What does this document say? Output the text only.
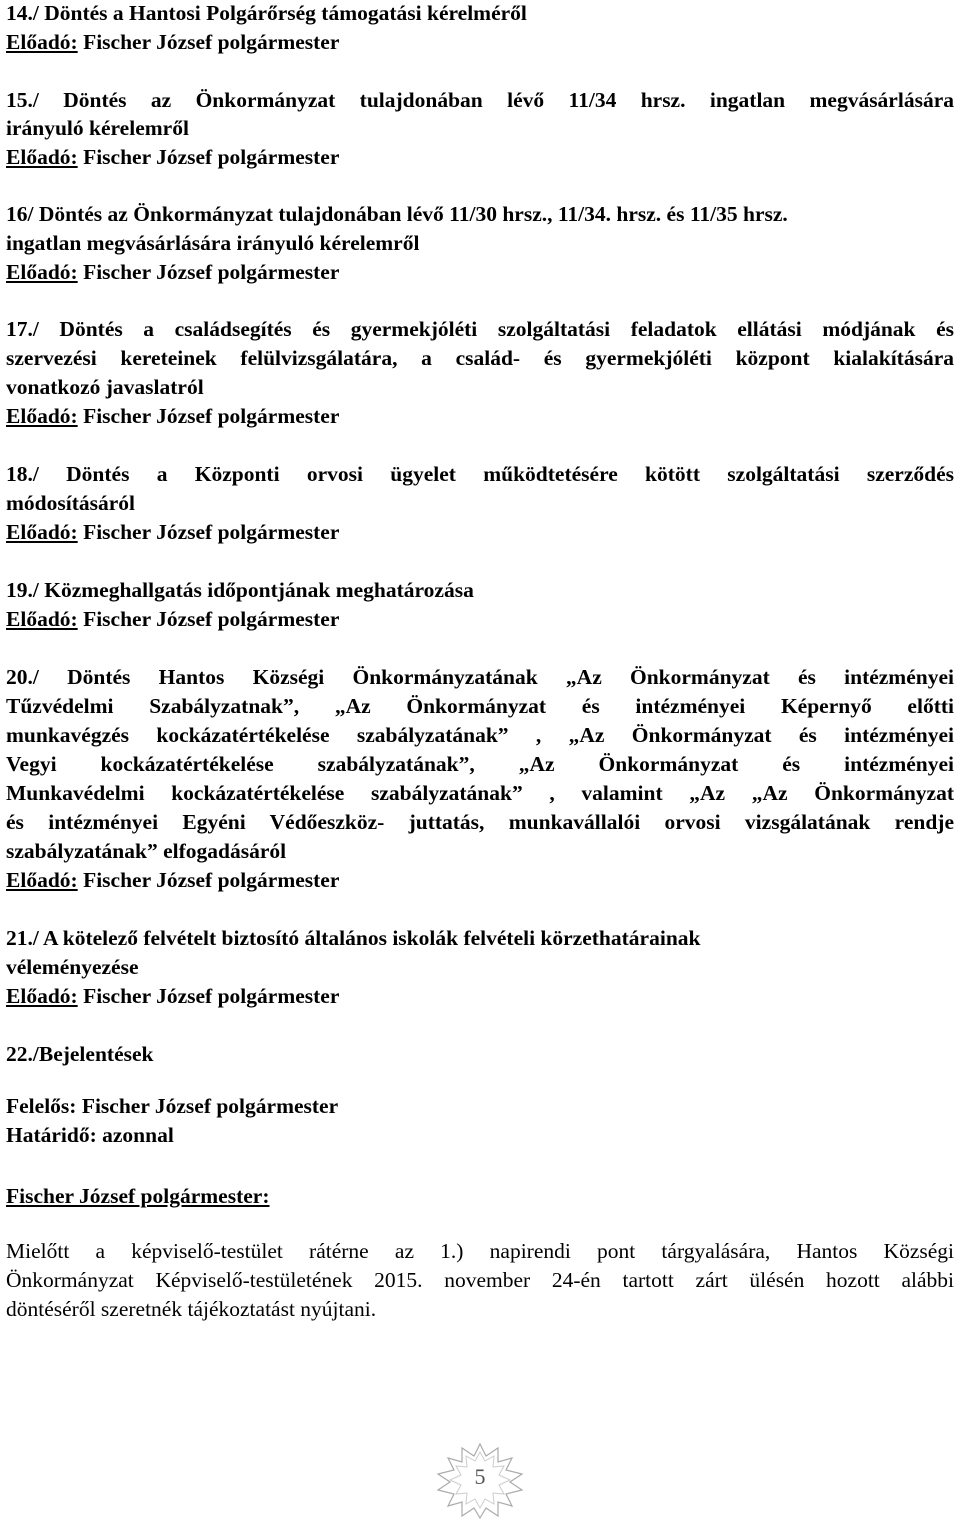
14./ Döntés a Hantosi Polgárőrség támogatási kérelméről
Előadó: Fischer József polgármester
15./ Döntés az Önkormányzat tulajdonában lévő 11/34 hrsz. ingatlan megvásárlására
irányuló kérelemről
Előadó: Fischer József polgármester
16/ Döntés az Önkormányzat tulajdonában lévő 11/30 hrsz., 11/34. hrsz. és 11/35 hrsz.
ingatlan megvásárlására irányuló kérelemről
Előadó: Fischer József polgármester
17./ Döntés a családsegítés és gyermekjóléti szolgáltatási feladatok ellátási módjának és
szervezési kereteinek felülvizsgálatára, a család- és gyermekjóléti központ kialakítására
vonatkozó javaslatról
Előadó: Fischer József polgármester
18./ Döntés a Központi orvosi ügyelet működtetésére kötött szolgáltatási szerződés
módosításáról
Előadó: Fischer József polgármester
19./ Közmeghallgatás időpontjának meghatározása
Előadó: Fischer József polgármester
20./ Döntés Hantos Községi Önkormányzatának „Az Önkormányzat és intézményei
Tűzvédelmi Szabályzatnak”, „Az Önkormányzat és intézményei Képernyő előtti
munkavégzés kockázatértékelése szabályzatának” , „Az Önkormányzat és intézményei
Vegyi kockázatértékelése szabályzatának”, „Az Önkormányzat és intézményei
Munkavédelmi kockázatértékelése szabályzatának” , valamint „Az „Az Önkormányzat
és intézményei Egyéni Védőeszköz- juttatás, munkavállalói orvosi vizsgálatának rendje
szabályzatának” elfogadásáról
Előadó: Fischer József polgármester
21./ A kötelező felvételt biztosító általános iskolák felvételi körzethatárainak
véleményezése
Előadó: Fischer József polgármester
22./Bejelentések
Felelős: Fischer József polgármester
Határidő: azonnal
Fischer József polgármester:
Mielőtt a képviselő-testület rátérne az 1.) napirendi pont tárgyalására, Hantos Községi
Önkormányzat Képviselő-testületének 2015. november 24-én tartott zárt ülésén hozott alábbi
döntéséről szeretnék tájékoztatást nyújtani.
5
